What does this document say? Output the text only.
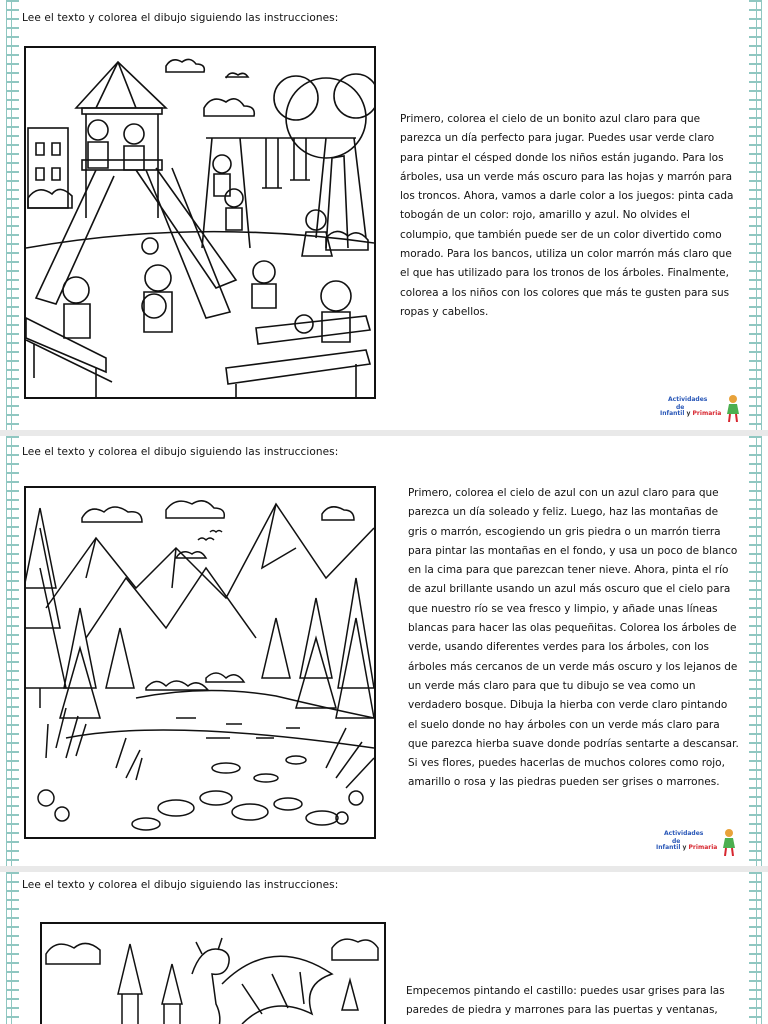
Lee el texto y colorea el dibujo siguiendo las instrucciones:
Primero, colorea el cielo de un bonito azul claro para que parezca un día perfecto para jugar. Puedes usar verde claro para pintar el césped donde los niños están jugando. Para los árboles, usa un verde más oscuro para las hojas y marrón para los troncos. Ahora, vamos a darle color a los juegos: pinta cada tobogán de un color: rojo, amarillo y azul. No olvides el columpio, que también puede ser de un color divertido como morado. Para los bancos, utiliza un color marrón más claro que el que has utilizado para los tronos de los árboles. Finalmente, colorea a los niños con los colores que más te gusten para sus ropas y cabellos.
Actividades
de
Infantil y Primaria
Lee el texto y colorea el dibujo siguiendo las instrucciones:
Primero, colorea el cielo de azul con un azul claro para que parezca un día soleado y feliz. Luego, haz las montañas de gris o marrón, escogiendo un gris piedra o un marrón tierra para pintar las montañas en el fondo, y usa un poco de blanco en la cima para que parezcan tener nieve. Ahora, pinta el río de azul brillante usando un azul más oscuro que el cielo para que nuestro río se vea fresco y limpio, y añade unas líneas blancas para hacer las olas pequeñitas. Colorea los árboles de verde, usando diferentes verdes para los árboles, con los árboles más cercanos de un verde más oscuro y los lejanos de un verde más claro para que tu dibujo se vea como un verdadero bosque. Dibuja la hierba con verde claro pintando el suelo donde no hay árboles con un verde más claro para que parezca hierba suave donde podrías sentarte a descansar. Si ves flores, puedes hacerlas de muchos colores como rojo, amarillo o rosa y las piedras pueden ser grises o marrones.
Actividades
de
Infantil y Primaria
Lee el texto y colorea el dibujo siguiendo las instrucciones:
Empecemos pintando el castillo: puedes usar grises para las paredes de piedra y marrones para las puertas y ventanas,
